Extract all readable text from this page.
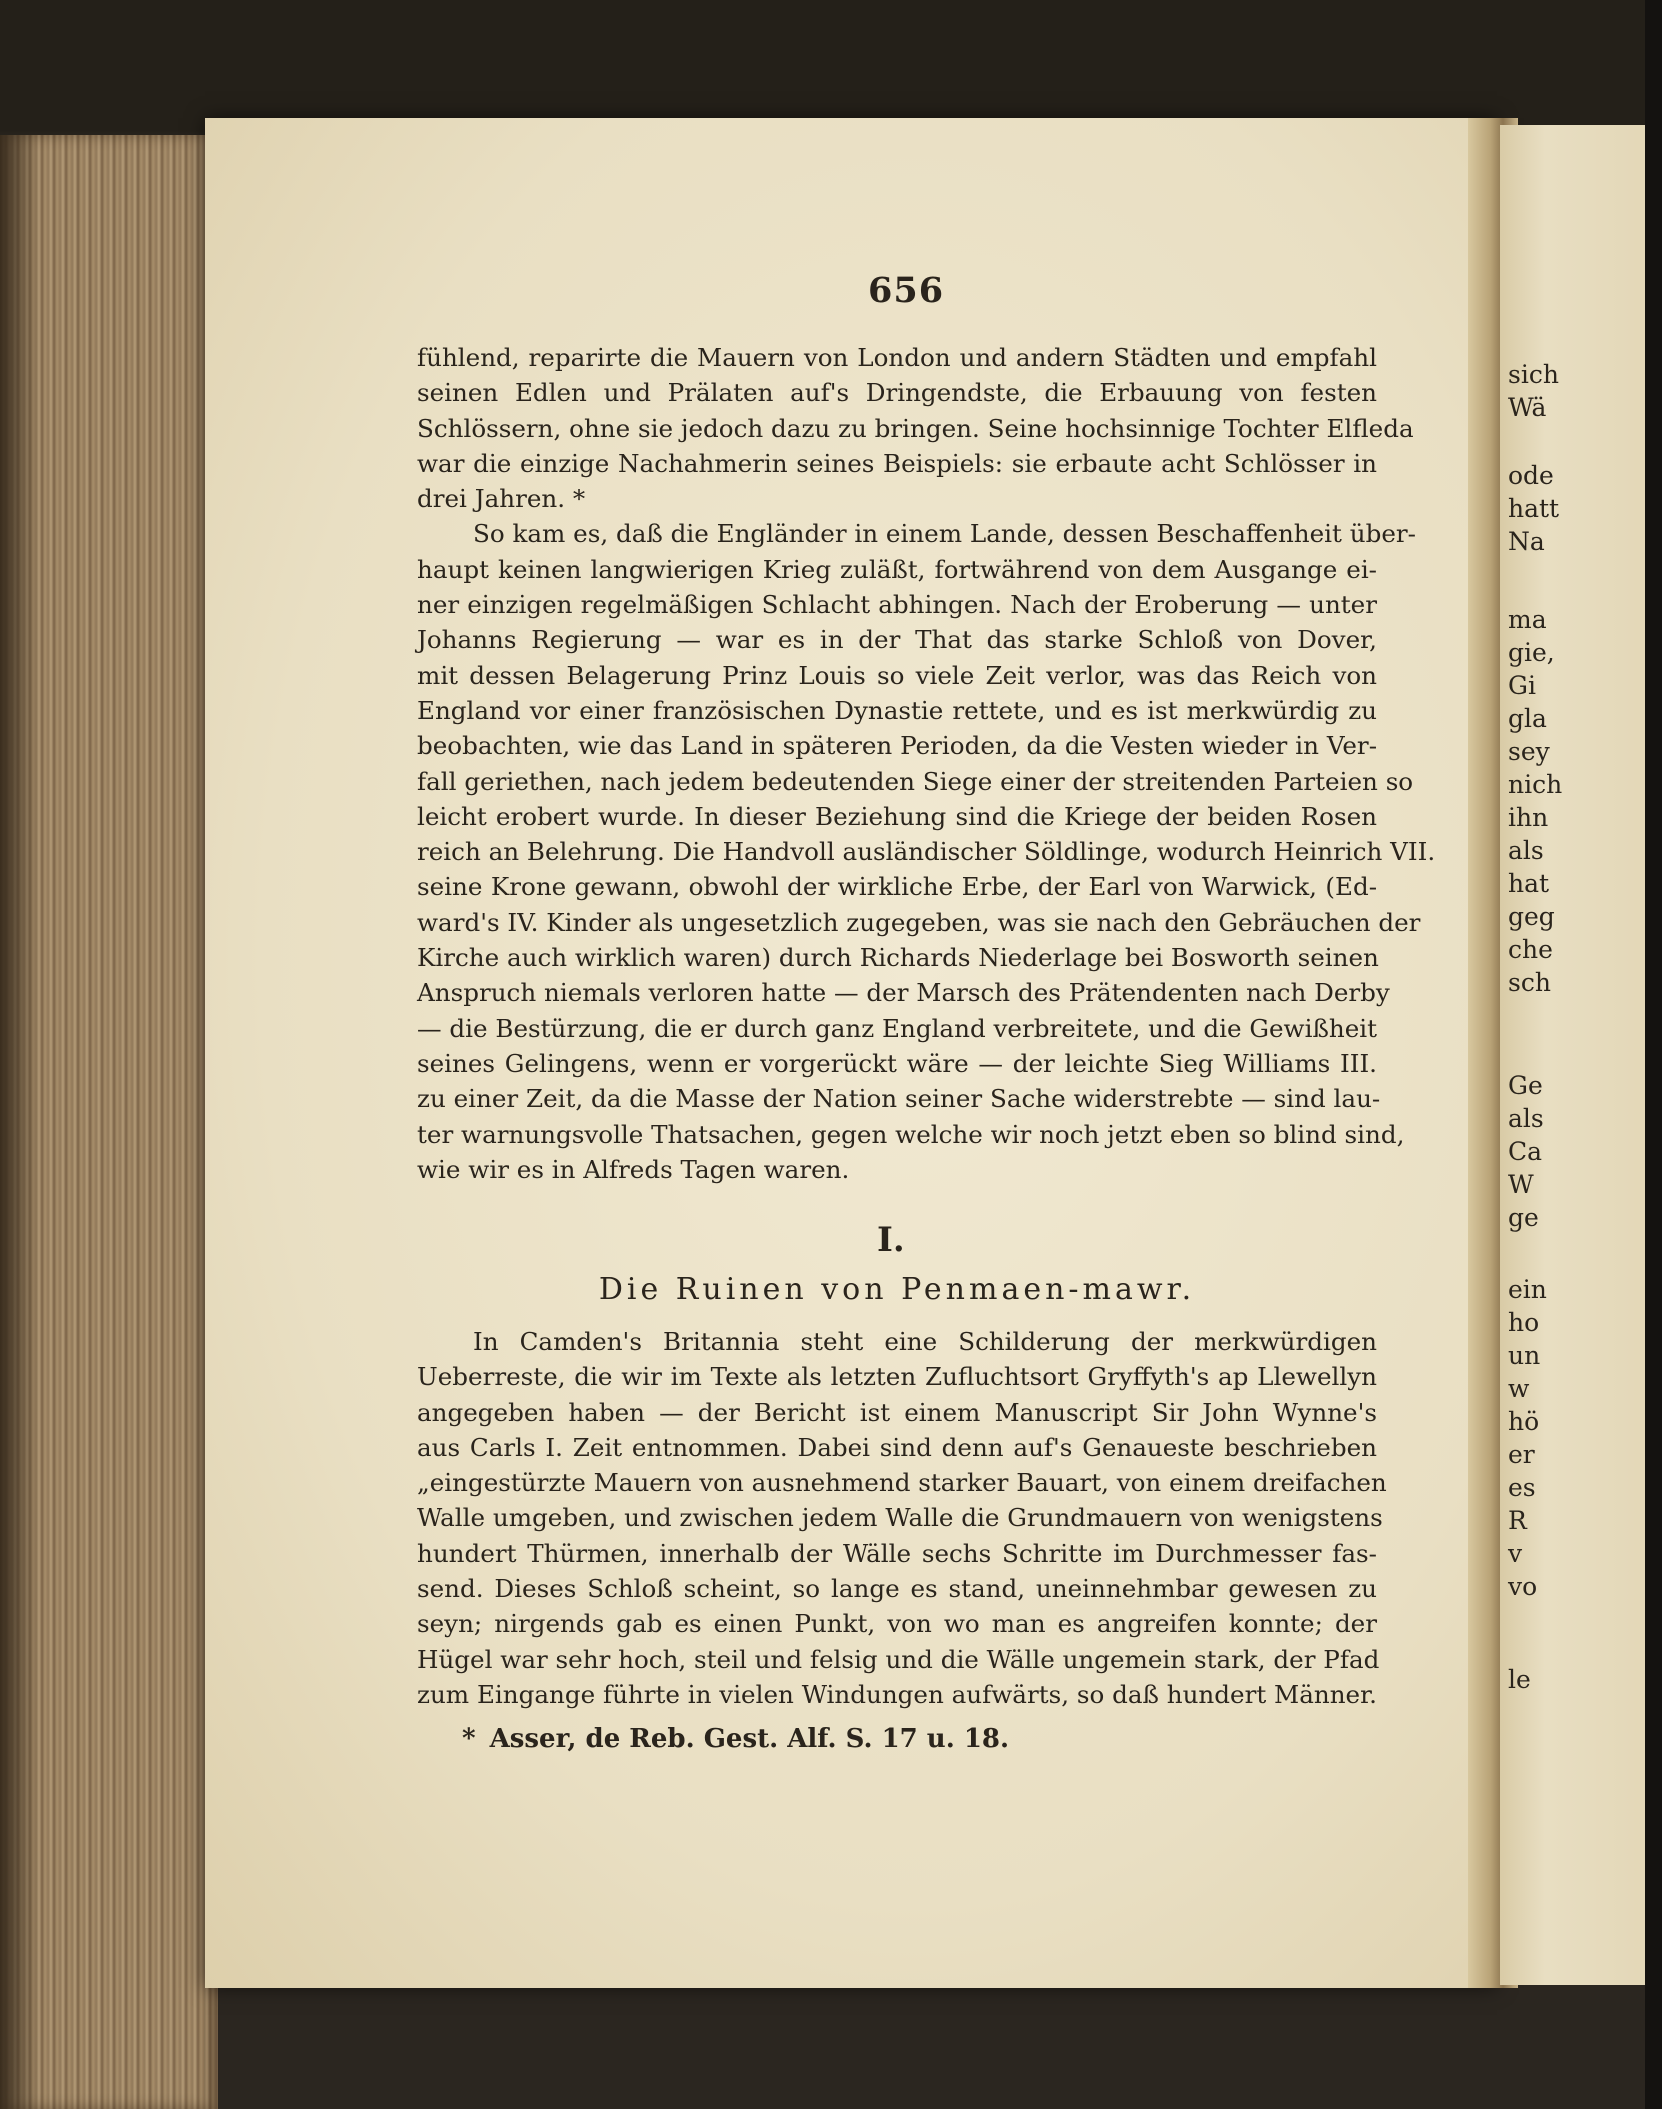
sich
Wä
ode
hatt
Na
ma
gie,
Gi
gla
sey
nich
ihn
als
hat
geg
che
sch
Ge
als
Ca
W
ge
ein
ho
un
w
hö
er
es
R
v
vo
le
656
fühlend, reparirte die Mauern von London und andern Städten und empfahl
seinen Edlen und Prälaten auf's Dringendste, die Erbauung von festen
Schlössern, ohne sie jedoch dazu zu bringen. Seine hochsinnige Tochter Elfleda
war die einzige Nachahmerin seines Beispiels: sie erbaute acht Schlösser in
drei Jahren. *
So kam es, daß die Engländer in einem Lande, dessen Beschaffenheit über-
haupt keinen langwierigen Krieg zuläßt, fortwährend von dem Ausgange ei-
ner einzigen regelmäßigen Schlacht abhingen. Nach der Eroberung — unter
Johanns Regierung — war es in der That das starke Schloß von Dover,
mit dessen Belagerung Prinz Louis so viele Zeit verlor, was das Reich von
England vor einer französischen Dynastie rettete, und es ist merkwürdig zu
beobachten, wie das Land in späteren Perioden, da die Vesten wieder in Ver-
fall geriethen, nach jedem bedeutenden Siege einer der streitenden Parteien so
leicht erobert wurde. In dieser Beziehung sind die Kriege der beiden Rosen
reich an Belehrung. Die Handvoll ausländischer Söldlinge, wodurch Heinrich VII.
seine Krone gewann, obwohl der wirkliche Erbe, der Earl von Warwick, (Ed-
ward's IV. Kinder als ungesetzlich zugegeben, was sie nach den Gebräuchen der
Kirche auch wirklich waren) durch Richards Niederlage bei Bosworth seinen
Anspruch niemals verloren hatte — der Marsch des Prätendenten nach Derby
— die Bestürzung, die er durch ganz England verbreitete, und die Gewißheit
seines Gelingens, wenn er vorgerückt wäre — der leichte Sieg Williams III.
zu einer Zeit, da die Masse der Nation seiner Sache widerstrebte — sind lau-
ter warnungsvolle Thatsachen, gegen welche wir noch jetzt eben so blind sind,
wie wir es in Alfreds Tagen waren.
I.
Die Ruinen von Penmaen-mawr.
In Camden's Britannia steht eine Schilderung der merkwürdigen
Ueberreste, die wir im Texte als letzten Zufluchtsort Gryffyth's ap Llewellyn
angegeben haben — der Bericht ist einem Manuscript Sir John Wynne's
aus Carls I. Zeit entnommen. Dabei sind denn auf's Genaueste beschrieben
„eingestürzte Mauern von ausnehmend starker Bauart, von einem dreifachen
Walle umgeben, und zwischen jedem Walle die Grundmauern von wenigstens
hundert Thürmen, innerhalb der Wälle sechs Schritte im Durchmesser fas-
send. Dieses Schloß scheint, so lange es stand, uneinnehmbar gewesen zu
seyn; nirgends gab es einen Punkt, von wo man es angreifen konnte; der
Hügel war sehr hoch, steil und felsig und die Wälle ungemein stark, der Pfad
zum Eingange führte in vielen Windungen aufwärts, so daß hundert Männer.
* Asser, de Reb. Gest. Alf. S. 17 u. 18.
